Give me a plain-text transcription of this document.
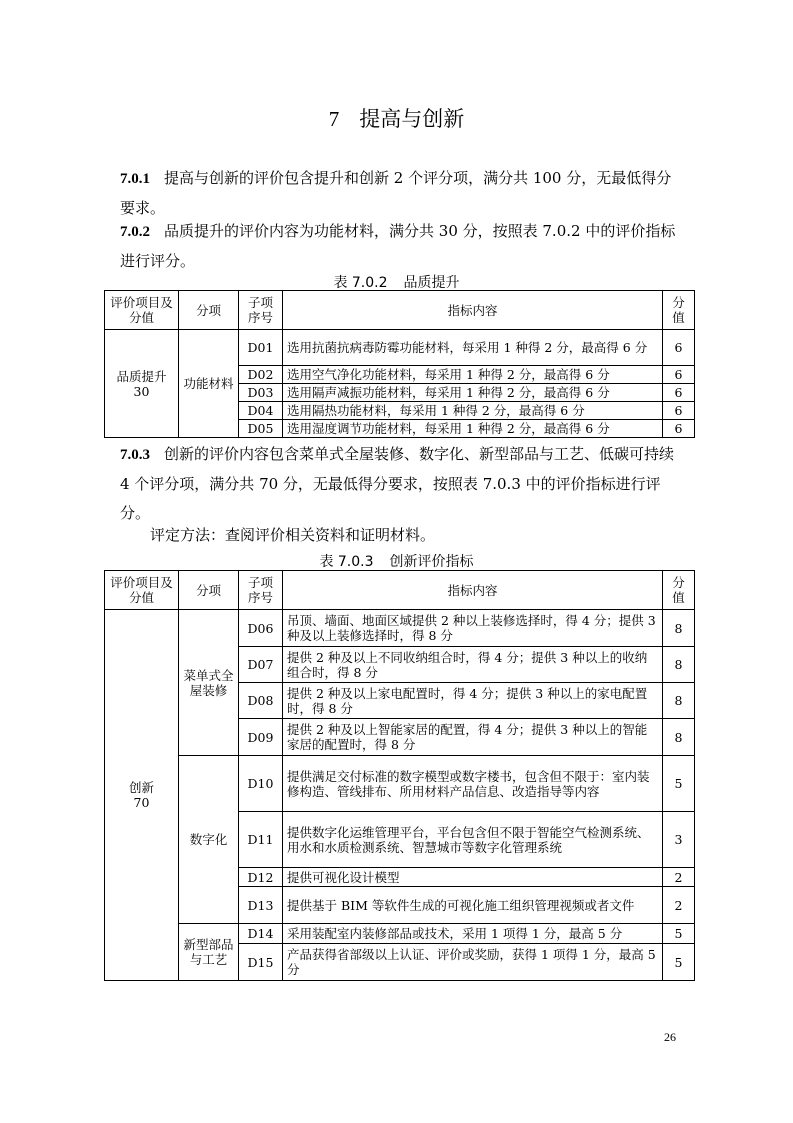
7 提高与创新
7.0.1 提高与创新的评价包含提升和创新 2 个评分项，满分共 100 分，无最低得分要求。
7.0.2 品质提升的评价内容为功能材料，满分共 30 分，按照表 7.0.2 中的评价指标进行评分。
表 7.0.2 品质提升
评价项目及分值	分项	子项序号	指标内容	分值

品质提升
30	功能材料	D01	选用抗菌抗病毒防霉功能材料，每采用 1 种得 2 分，最高得 6 分	6
		D02	选用空气净化功能材料，每采用 1 种得 2 分，最高得 6 分	6
		D03	选用隔声减振功能材料，每采用 1 种得 2 分，最高得 6 分	6
		D04	选用隔热功能材料，每采用 1 种得 2 分，最高得 6 分	6
		D05	选用湿度调节功能材料，每采用 1 种得 2 分，最高得 6 分	6
7.0.3 创新的评价内容包含菜单式全屋装修、数字化、新型部品与工艺、低碳可持续 4 个评分项，满分共 70 分，无最低得分要求，按照表 7.0.3 中的评价指标进行评分。
评定方法：查阅评价相关资料和证明材料。
表 7.0.3 创新评价指标
评价项目及分值	分项	子项序号	指标内容	分值

创新
70	菜单式全屋装修	D06	吊顶、墙面、地面区域提供 2 种以上装修选择时，得 4 分；提供 3 种及以上装修选择时，得 8 分	8
		D07	提供 2 种及以上不同收纳组合时，得 4 分；提供 3 种以上的收纳组合时，得 8 分	8
		D08	提供 2 种及以上家电配置时，得 4 分；提供 3 种以上的家电配置时，得 8 分	8
		D09	提供 2 种及以上智能家居的配置，得 4 分；提供 3 种以上的智能家居的配置时，得 8 分	8
	数字化	D10	提供满足交付标准的数字模型或数字楼书，包含但不限于：室内装修构造、管线排布、所用材料产品信息、改造指导等内容	5
		D11	提供数字化运维管理平台，平台包含但不限于智能空气检测系统、用水和水质检测系统、智慧城市等数字化管理系统	3
		D12	提供可视化设计模型	2
		D13	提供基于 BIM 等软件生成的可视化施工组织管理视频或者文件	2
	新型部品与工艺	D14	采用装配室内装修部品或技术，采用 1 项得 1 分，最高 5 分	5
		D15	产品获得省部级以上认证、评价或奖励，获得 1 项得 1 分，最高 5 分	5
26
